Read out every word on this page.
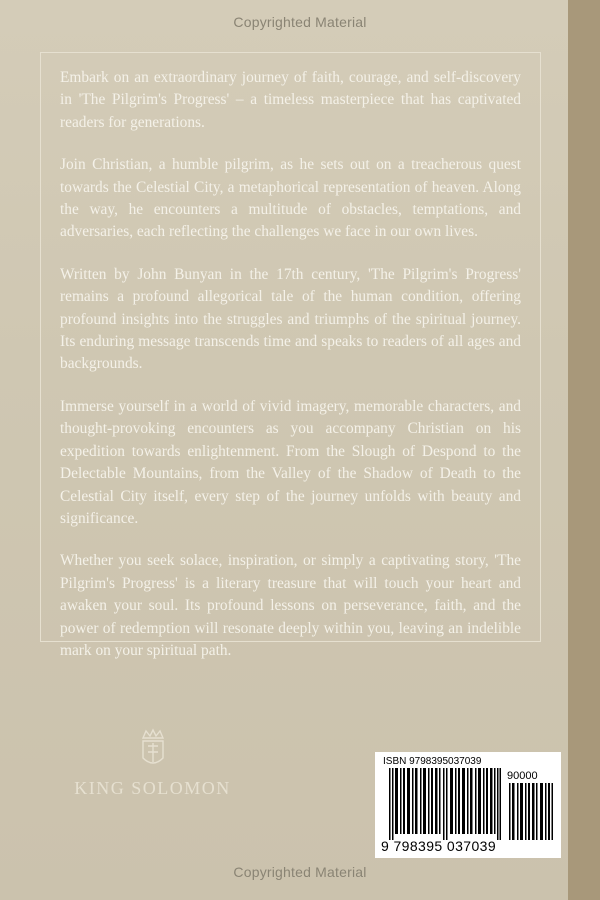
Copyrighted Material

Embark on an extraordinary journey of faith, courage, and self-discovery in 'The Pilgrim's Progress' – a timeless masterpiece that has captivated readers for generations.

Join Christian, a humble pilgrim, as he sets out on a treacherous quest towards the Celestial City, a metaphorical representation of heaven. Along the way, he encounters a multitude of obstacles, temptations, and adversaries, each reflecting the challenges we face in our own lives.

Written by John Bunyan in the 17th century, 'The Pilgrim's Progress' remains a profound allegorical tale of the human condition, offering profound insights into the struggles and triumphs of the spiritual journey. Its enduring message transcends time and speaks to readers of all ages and backgrounds.

Immerse yourself in a world of vivid imagery, memorable characters, and thought-provoking encounters as you accompany Christian on his expedition towards enlightenment. From the Slough of Despond to the Delectable Mountains, from the Valley of the Shadow of Death to the Celestial City itself, every step of the journey unfolds with beauty and significance.

Whether you seek solace, inspiration, or simply a captivating story, 'The Pilgrim's Progress' is a literary treasure that will touch your heart and awaken your soul. Its profound lessons on perseverance, faith, and the power of redemption will resonate deeply within you, leaving an indelible mark on your spiritual path.

KING SOLOMON
ISBN 9798395037039
90000
9 798395 037039
Copyrighted Material
